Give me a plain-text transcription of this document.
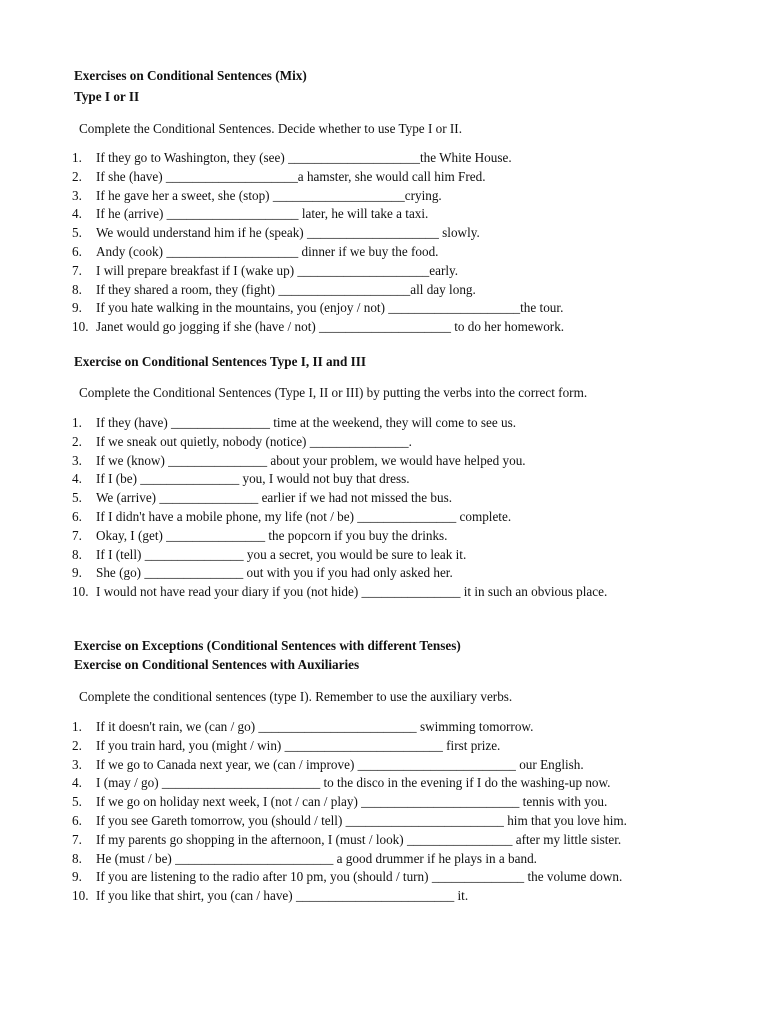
Exercises on Conditional Sentences (Mix)
Type I or II
Complete the Conditional Sentences. Decide whether to use Type I or II.
1. If they go to Washington, they (see) ____________________the White House.
2. If she (have) ____________________a hamster, she would call him Fred.
3. If he gave her a sweet, she (stop) ____________________crying.
4. If he (arrive) ____________________ later, he will take a taxi.
5. We would understand him if he (speak) ____________________ slowly.
6. Andy (cook) ____________________ dinner if we buy the food.
7. I will prepare breakfast if I (wake up) ____________________early.
8. If they shared a room, they (fight) ____________________all day long.
9. If you hate walking in the mountains, you (enjoy / not) ____________________the tour.
10. Janet would go jogging if she (have / not) ____________________ to do her homework.
Exercise on Conditional Sentences Type I, II and III
Complete the Conditional Sentences (Type I, II or III) by putting the verbs into the correct form.
1. If they (have) _______________ time at the weekend, they will come to see us.
2. If we sneak out quietly, nobody (notice) _______________.
3. If we (know) _______________ about your problem, we would have helped you.
4. If I (be) _______________ you, I would not buy that dress.
5. We (arrive) _______________ earlier if we had not missed the bus.
6. If I didn't have a mobile phone, my life (not / be) _______________ complete.
7. Okay, I (get) _______________ the popcorn if you buy the drinks.
8. If I (tell) _______________ you a secret, you would be sure to leak it.
9. She (go) _______________ out with you if you had only asked her.
10. I would not have read your diary if you (not hide) _______________ it in such an obvious place.
Exercise on Exceptions (Conditional Sentences with different Tenses)
Exercise on Conditional Sentences with Auxiliaries
Complete the conditional sentences (type I). Remember to use the auxiliary verbs.
1. If it doesn't rain, we (can / go) ________________________ swimming tomorrow.
2. If you train hard, you (might / win) ________________________ first prize.
3. If we go to Canada next year, we (can / improve) ________________________ our English.
4. I (may / go) ________________________ to the disco in the evening if I do the washing-up now.
5. If we go on holiday next week, I (not / can / play) ________________________ tennis with you.
6. If you see Gareth tomorrow, you (should / tell) ________________________ him that you love him.
7. If my parents go shopping in the afternoon, I (must / look) ________________ after my little sister.
8. He (must / be) ________________________ a good drummer if he plays in a band.
9. If you are listening to the radio after 10 pm, you (should / turn) ______________ the volume down.
10. If you like that shirt, you (can / have) ________________________ it.
